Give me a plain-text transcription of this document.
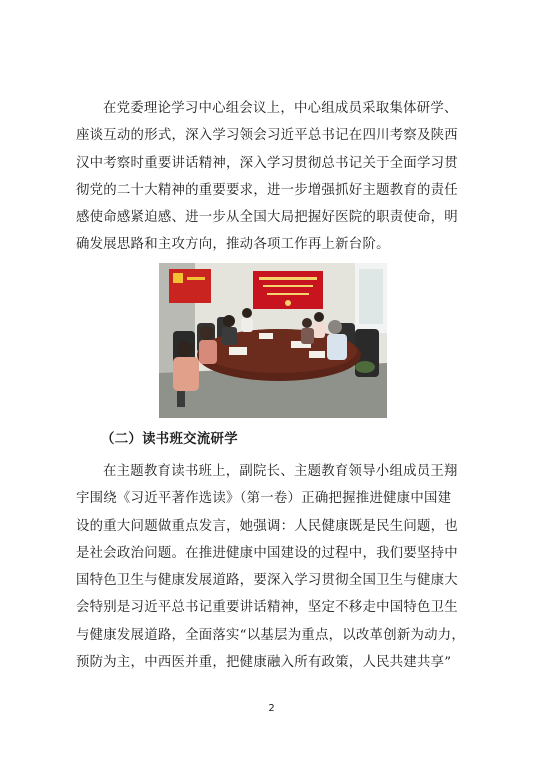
在党委理论学习中心组会议上，中心组成员采取集体研学、
座谈互动的形式，深入学习领会习近平总书记在四川考察及陕西
汉中考察时重要讲话精神，深入学习贯彻总书记关于全面学习贯
彻党的二十大精神的重要要求，进一步增强抓好主题教育的责任
感使命感紧迫感、进一步从全国大局把握好医院的职责使命，明
确发展思路和主攻方向，推动各项工作再上新台阶。
（二）读书班交流研学
在主题教育读书班上，副院长、主题教育领导小组成员王翔
宇围绕《习近平著作选读》（第一卷）正确把握推进健康中国建
设的重大问题做重点发言，她强调：人民健康既是民生问题，也
是社会政治问题。在推进健康中国建设的过程中，我们要坚持中
国特色卫生与健康发展道路，要深入学习贯彻全国卫生与健康大
会特别是习近平总书记重要讲话精神，坚定不移走中国特色卫生
与健康发展道路，全面落实“以基层为重点，以改革创新为动力，
预防为主，中西医并重，把健康融入所有政策，人民共建共享”
2
